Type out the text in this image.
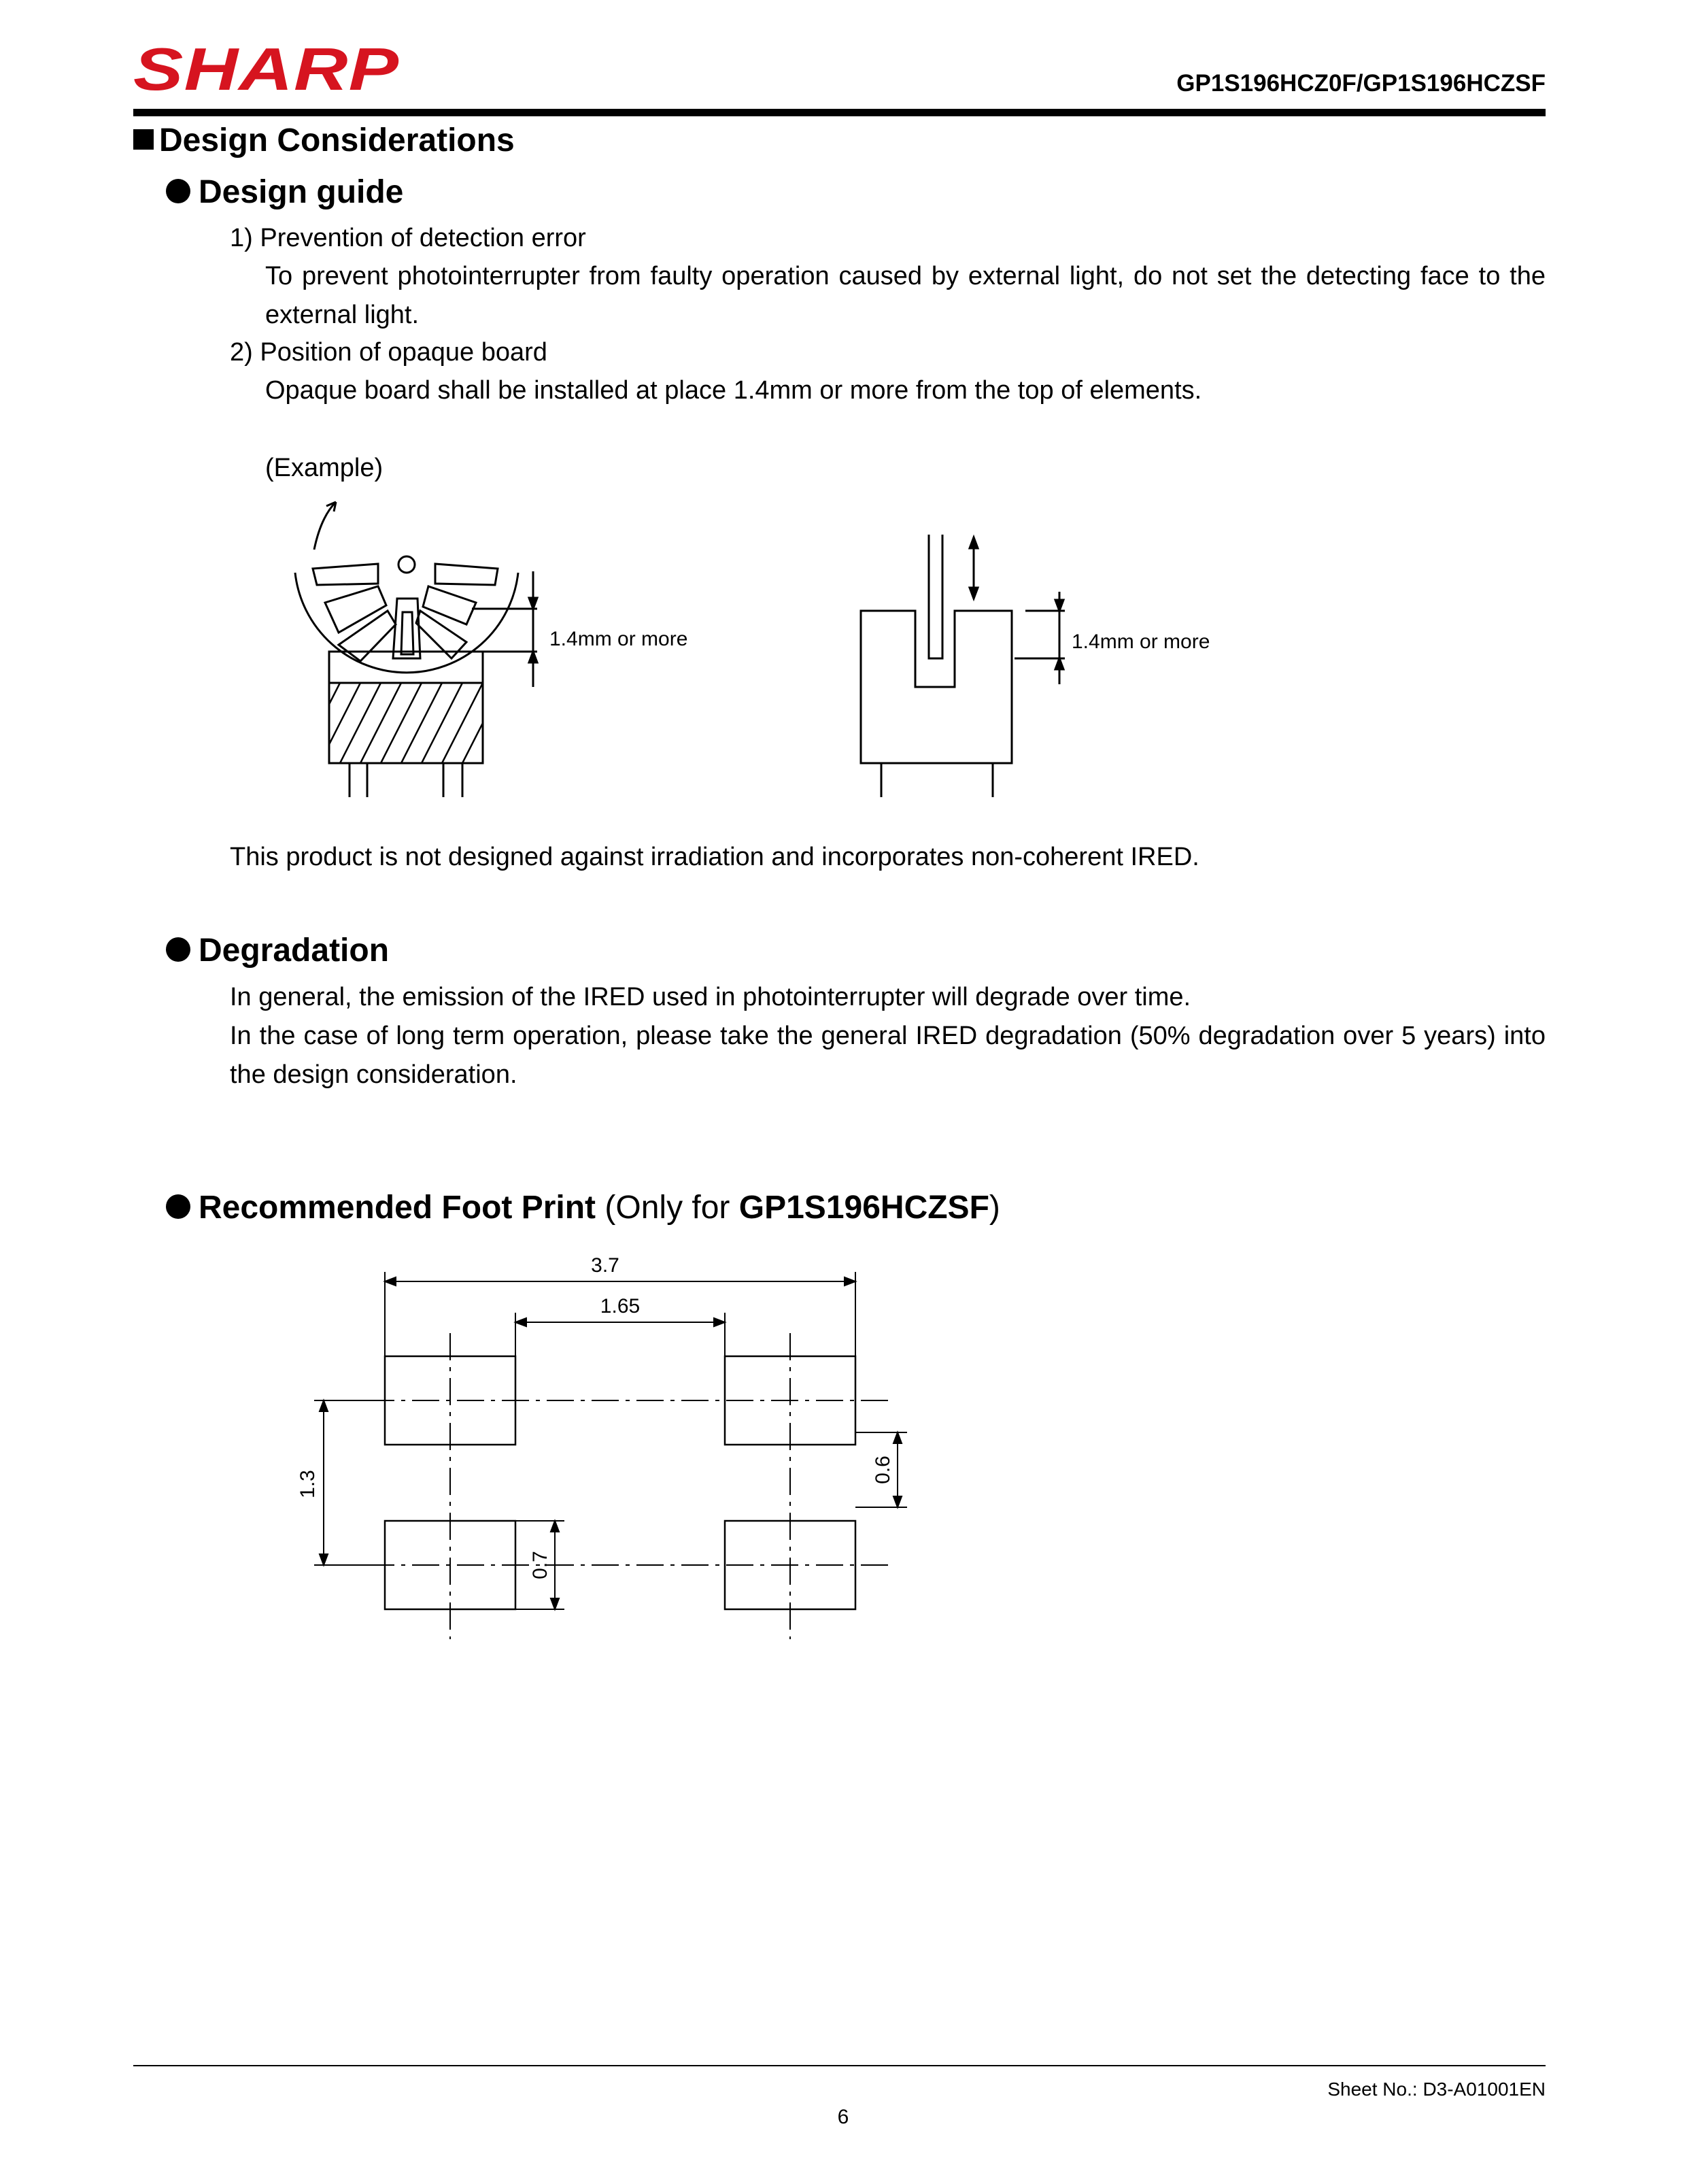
SHARP	GP1S196HCZ0F/GP1S196HCZSF
Design Considerations
Design guide
1) Prevention of detection error
To prevent photointerrupter from faulty operation caused by external light, do not set the detecting face to the external light.
2) Position of opaque board
Opaque board shall be installed at place 1.4mm or more from the top of elements.
(Example)
1.4mm or more	1.4mm or more
This product is not designed against irradiation and incorporates non-coherent IRED.
Degradation
In general, the emission of the IRED used in photointerrupter will degrade over time.
In the case of long term operation, please take the general IRED degradation (50% degradation over 5 years) into the design consideration.
Recommended Foot Print (Only for GP1S196HCZSF)
3.7
1.65
1.3
0.6
0.7
Sheet No.: D3-A01001EN
6
